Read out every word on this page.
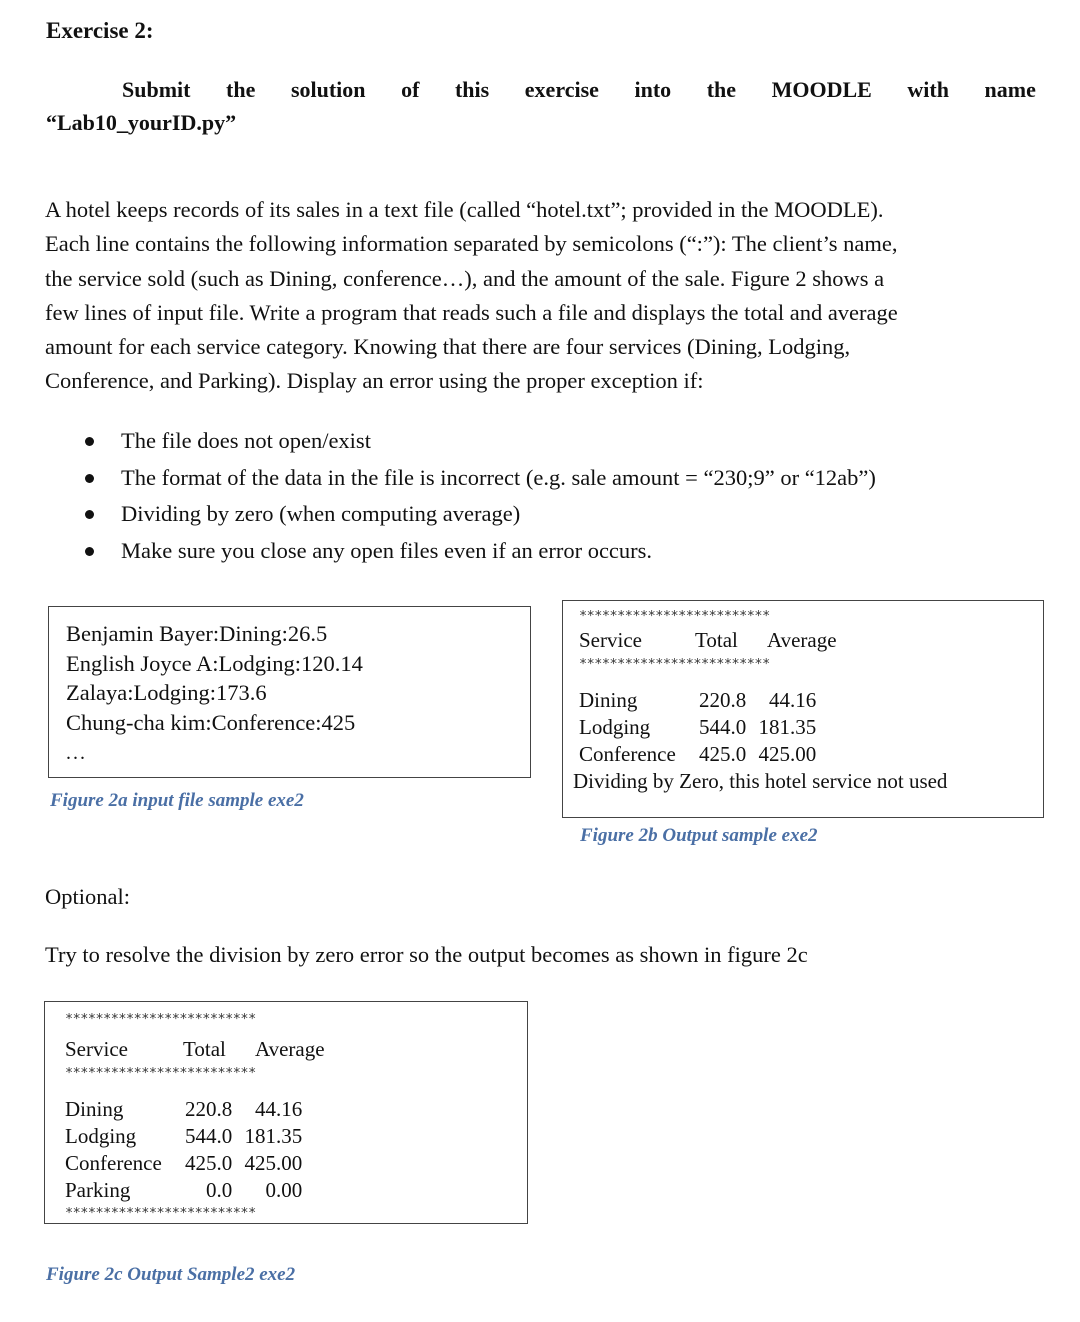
Exercise 2:
Submit the solution of this exercise into the MOODLE with name
“Lab10_yourID.py”

A hotel keeps records of its sales in a text file (called “hotel.txt”; provided in the MOODLE).

Each line contains the following information separated by semicolons (“:”): The client’s name,

the service sold (such as Dining, conference…), and the amount of the sale. Figure 2 shows a

few lines of input file. Write a program that reads such a file and displays the total and average

amount for each service category. Knowing that there are four services (Dining, Lodging,

Conference, and Parking). Display an error using the proper exception if:

The file does not open/exist
The format of the data in the file is incorrect (e.g. sale amount = “230;9” or “12ab”)
Dividing by zero (when computing average)
Make sure you close any open files even if an error occurs.
Benjamin Bayer:Dining:26.5
English Joyce A:Lodging:120.14
Zalaya:Lodging:173.6
Chung-cha kim:Conference:425
...
Figure 2a input file sample exe2
*************************
Service	Total	Average
*************************
Dining	220.8	44.16
Lodging	544.0	181.35
Conference	425.0	425.00
Dividing by Zero, this hotel service not used
Figure 2b Output sample exe2
Optional:
Try to resolve the division by zero error so the output becomes as shown in figure 2c
*************************
Service	Total	Average
*************************
Dining	220.8	44.16
Lodging	544.0	181.35
Conference	425.0	425.00
Parking	0.0	0.00
*************************
Figure 2c Output Sample2 exe2
